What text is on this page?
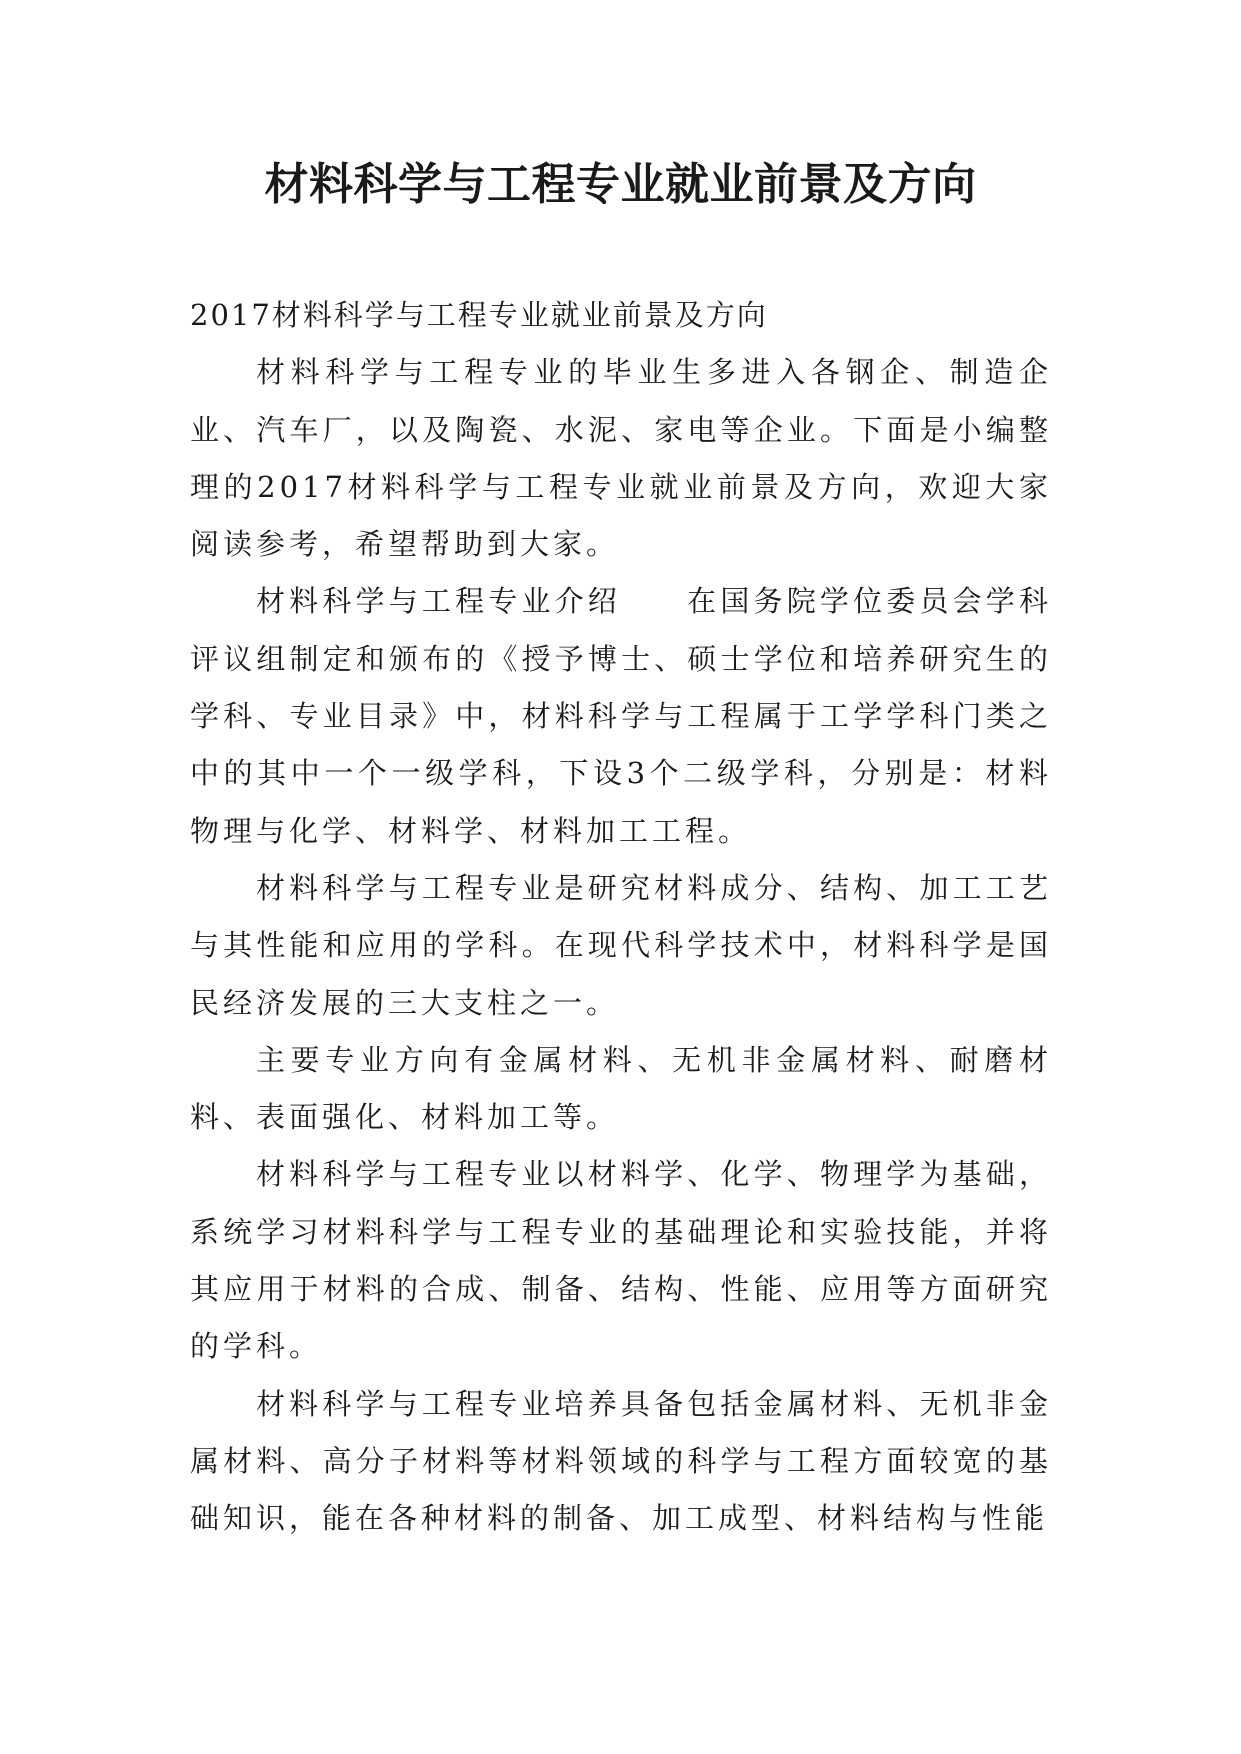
材料科学与工程专业就业前景及方向

2017材料科学与工程专业就业前景及方向

材料科学与工程专业的毕业生多进入各钢企、制造企业、汽车厂，以及陶瓷、水泥、家电等企业。下面是小编整理的2017材料科学与工程专业就业前景及方向，欢迎大家阅读参考，希望帮助到大家。

材料科学与工程专业介绍 在国务院学位委员会学科评议组制定和颁布的《授予博士、硕士学位和培养研究生的学科、专业目录》中，材料科学与工程属于工学学科门类之中的其中一个一级学科，下设3个二级学科，分别是：材料物理与化学、材料学、材料加工工程。

材料科学与工程专业是研究材料成分、结构、加工工艺与其性能和应用的学科。在现代科学技术中，材料科学是国民经济发展的三大支柱之一。

主要专业方向有金属材料、无机非金属材料、耐磨材料、表面强化、材料加工等。

材料科学与工程专业以材料学、化学、物理学为基础，系统学习材料科学与工程专业的基础理论和实验技能，并将其应用于材料的合成、制备、结构、性能、应用等方面研究的学科。

材料科学与工程专业培养具备包括金属材料、无机非金属材料、高分子材料等材料领域的科学与工程方面较宽的基础知识，能在各种材料的制备、加工成型、材料结构与性能
